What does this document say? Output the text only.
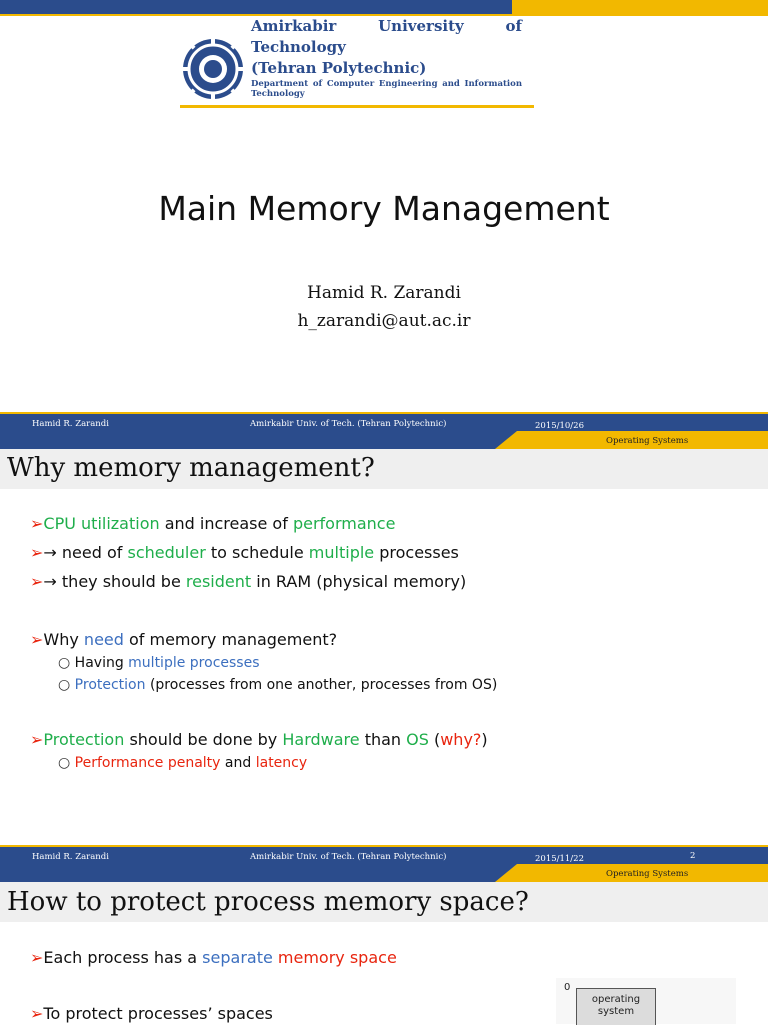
Amirkabir	University	of
Technology
(Tehran Polytechnic)
Department of Computer Engineering and Information
Technology
Main Memory Management
Hamid R. Zarandi
h_zarandi@aut.ac.ir
Hamid R. Zarandi	Amirkabir Univ. of Tech. (Tehran Polytechnic)	2015/10/26
Operating Systems
Why memory management?
➢CPU utilization and increase of performance
➢→ need of scheduler to schedule multiple processes
➢→ they should be resident in RAM (physical memory)
➢Why need of memory management?
○ Having multiple processes
○ Protection (processes from one another, processes from OS)
➢Protection should be done by Hardware than OS (why?)
○ Performance penalty and latency
Hamid R. Zarandi	Amirkabir Univ. of Tech. (Tehran Polytechnic)	2015/11/22	2
Operating Systems
How to protect process memory space?
➢Each process has a separate memory space
➢To protect processes’ spaces
0
operating
system
